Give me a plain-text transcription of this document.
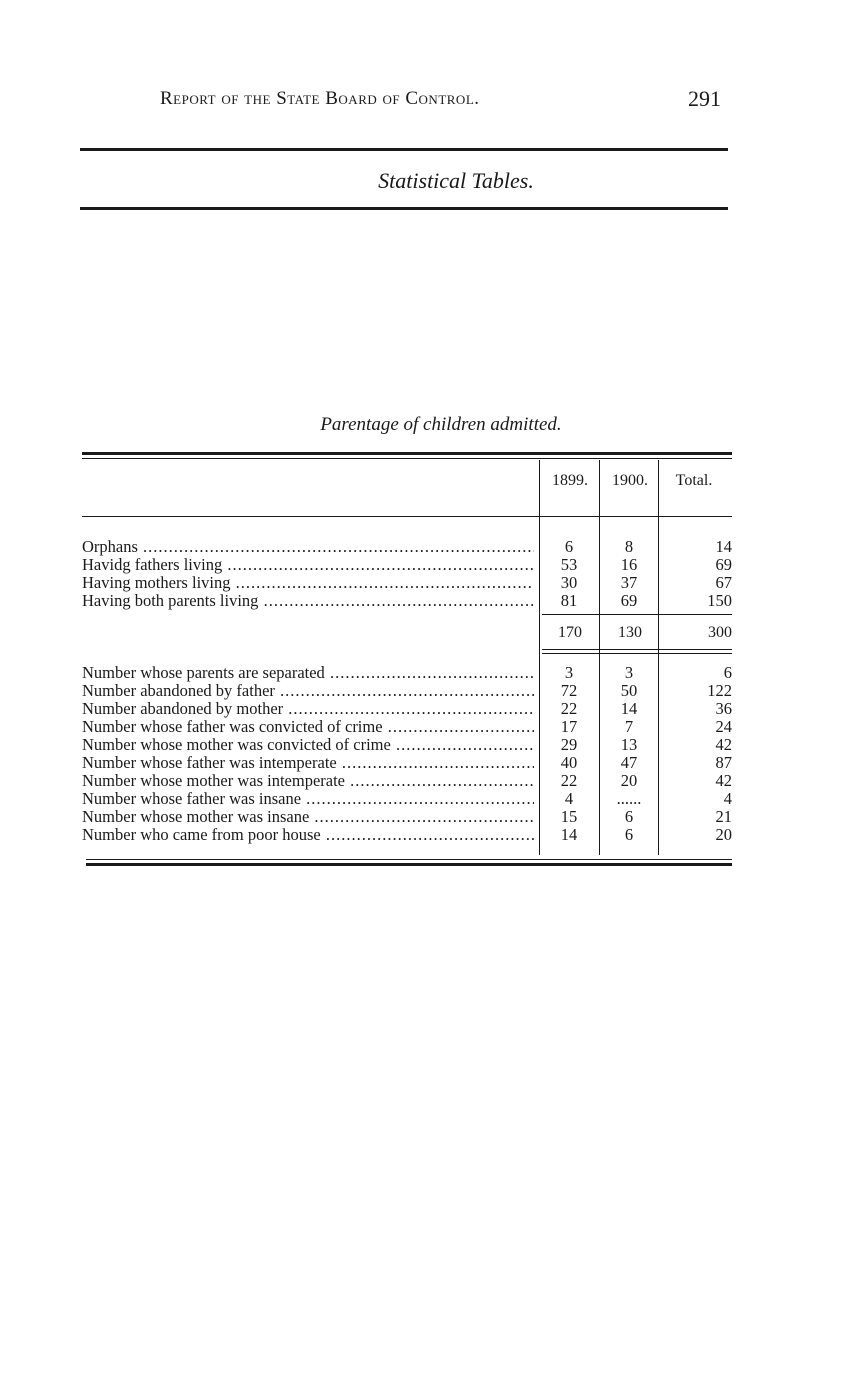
Report of the State Board of Control.	291
Statistical Tables.
Parentage of children admitted.
1899.	1900.	Total.
Orphans .....	6	8	14
Havidg fathers living .....	53	16	69
Having mothers living .....	30	37	67
Having both parents living .....	81	69	150
170	130	300
Number whose parents are separated .....	3	3	6
Number abandoned by father .....	72	50	122
Number abandoned by mother .....	22	14	36
Number whose father was convicted of crime .....	17	7	24
Number whose mother was convicted of crime .....	29	13	42
Number whose father was intemperate .....	40	47	87
Number whose mother was intemperate .....	22	20	42
Number whose father was insane .....	4	......	4
Number whose mother was insane .....	15	6	21
Number who came from poor house .....	14	6	20
